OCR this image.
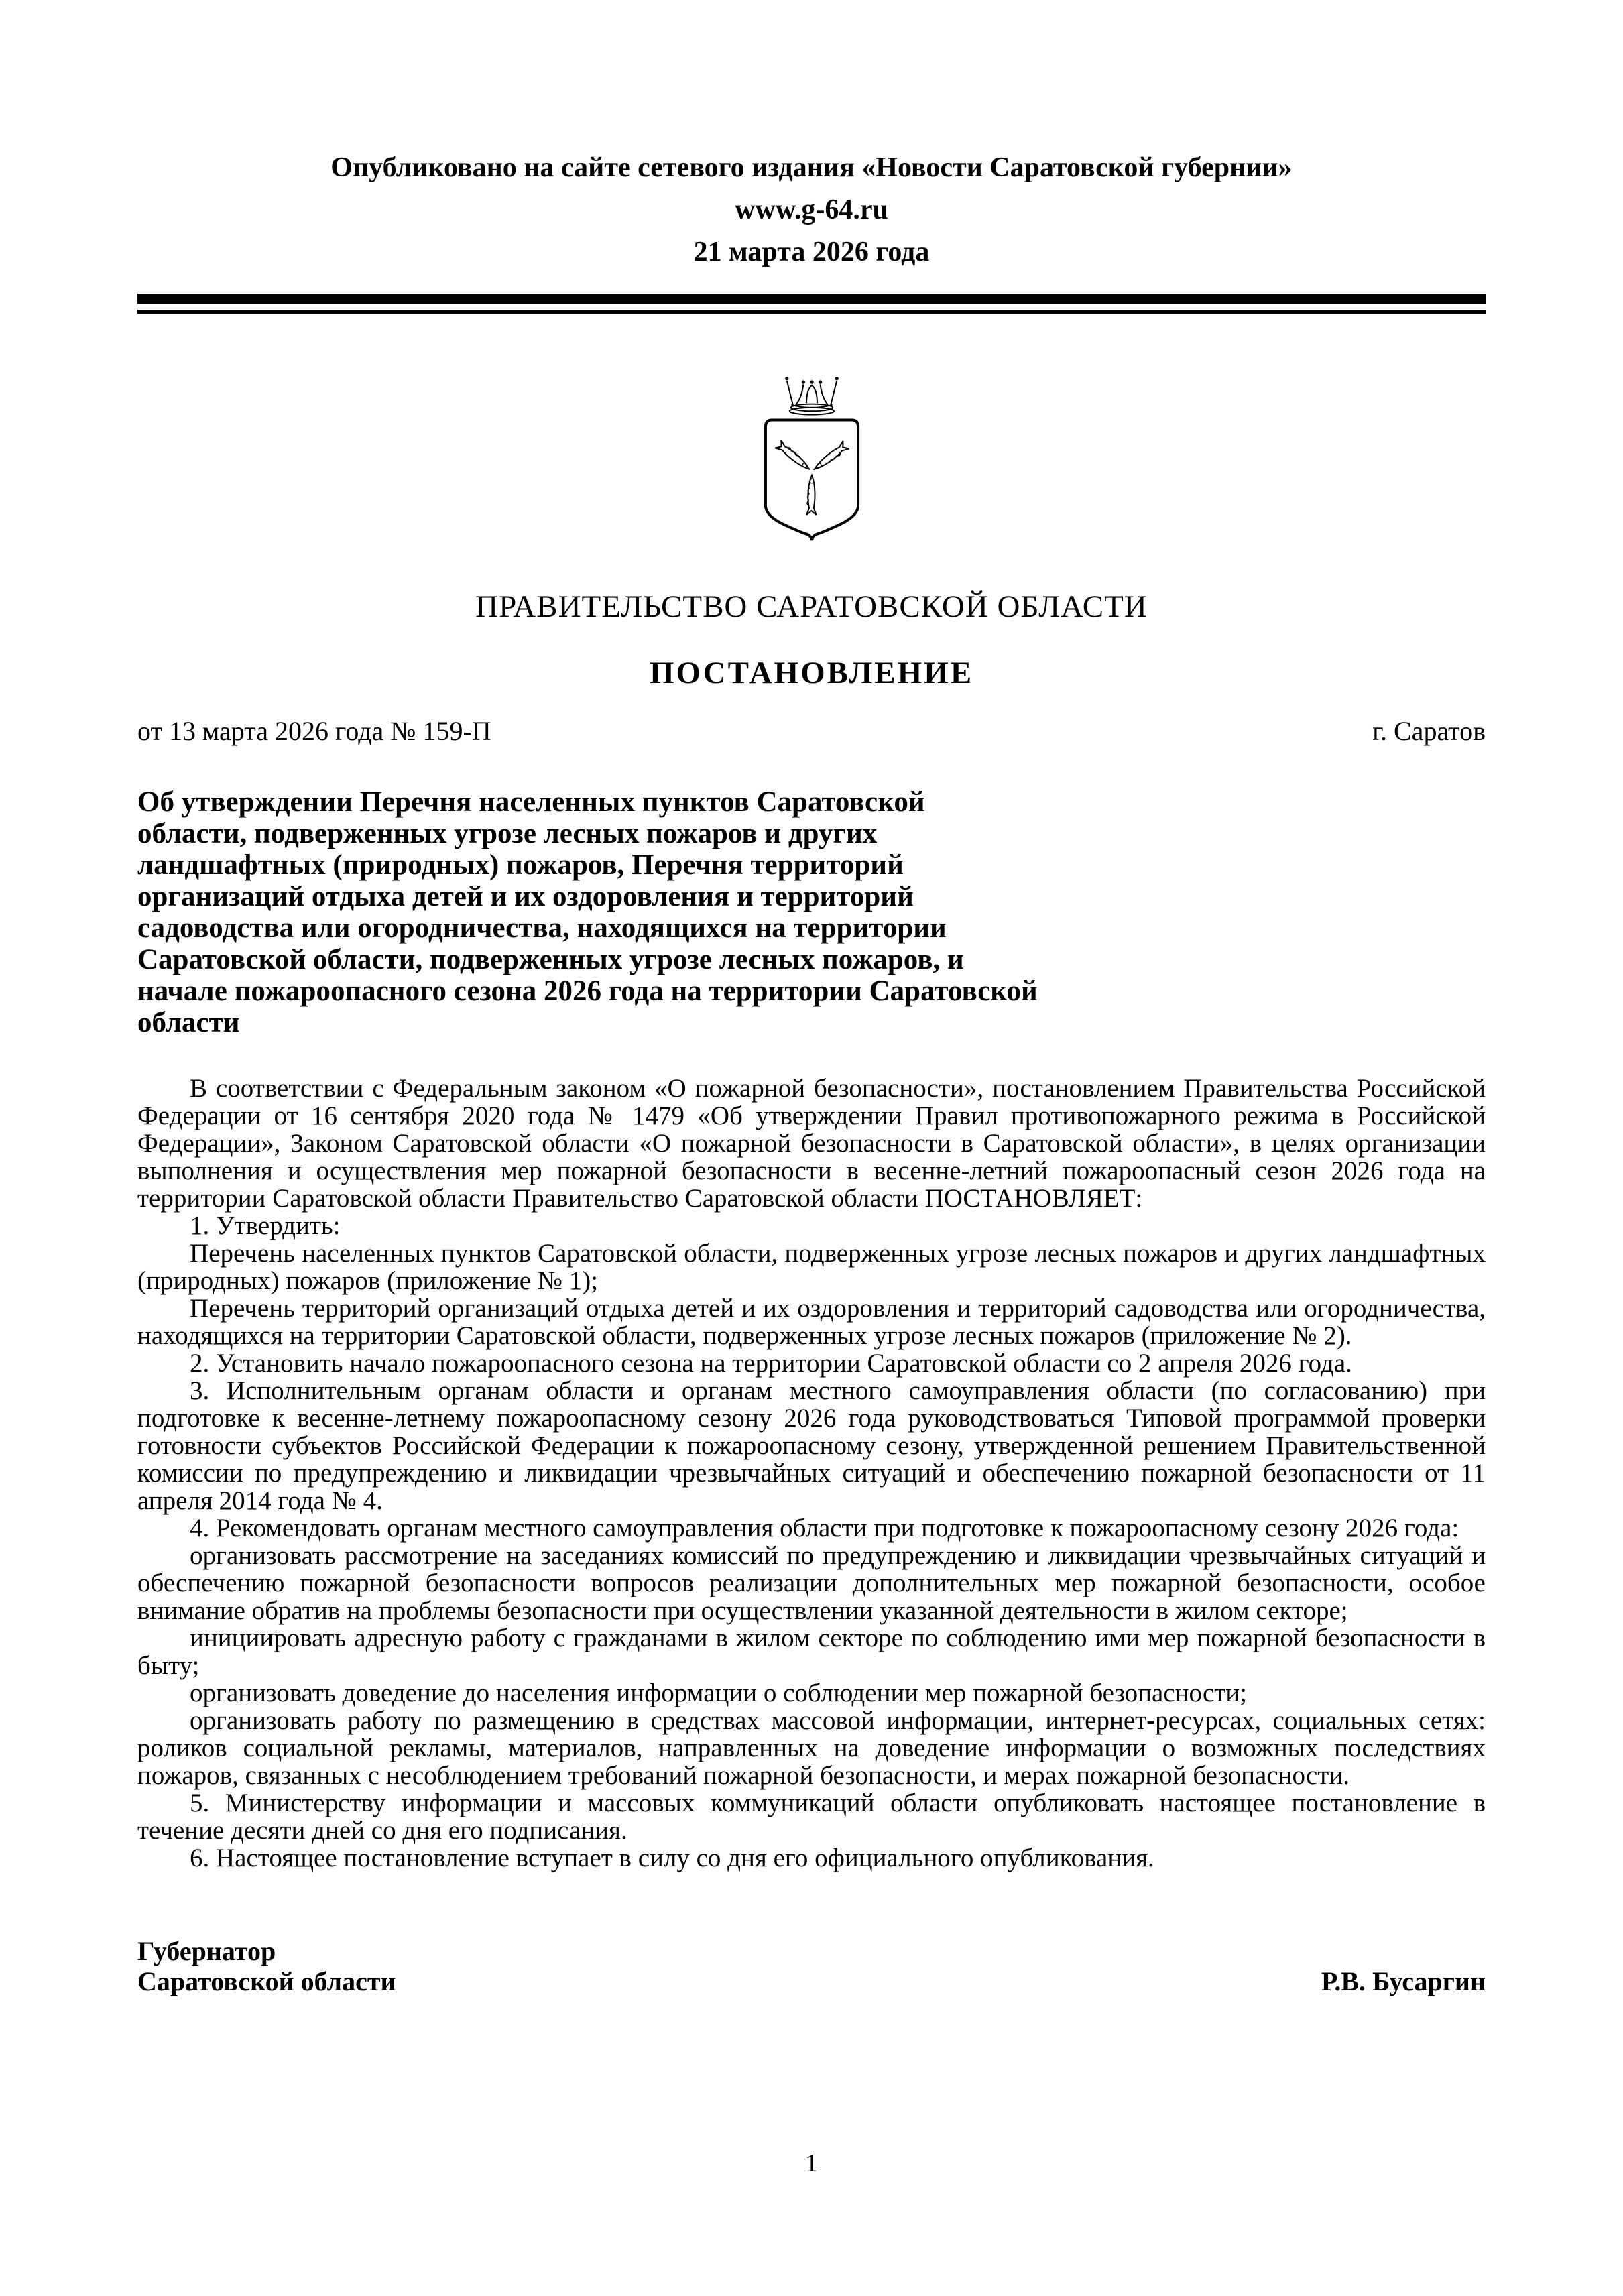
Опубликовано на сайте сетевого издания «Новости Саратовской губернии»
www.g-64.ru
21 марта 2026 года
ПРАВИТЕЛЬСТВО САРАТОВСКОЙ ОБЛАСТИ
ПОСТАНОВЛЕНИЕ
от 13 марта 2026 года № 159-П	г. Саратов
Об утверждении Перечня населенных пунктов Саратовской области, подверженных угрозе лесных пожаров и других ландшафтных (природных) пожаров, Перечня территорий организаций отдыха детей и их оздоровления и территорий садоводства или огородничества, находящихся на территории Саратовской области, подверженных угрозе лесных пожаров, и начале пожароопасного сезона 2026 года на территории Саратовской области

В соответствии с Федеральным законом «О пожарной безопасности», постановлением Правительства Российской Федерации от 16 сентября 2020 года № 1479 «Об утверждении Правил противопожарного режима в Российской Федерации», Законом Саратовской области «О пожарной безопасности в Саратовской области», в целях организации выполнения и осуществления мер пожарной безопасности в весенне-летний пожароопасный сезон 2026 года на территории Саратовской области Правительство Саратовской области ПОСТАНОВЛЯЕТ:

1. Утвердить:

Перечень населенных пунктов Саратовской области, подверженных угрозе лесных пожаров и других ландшафтных (природных) пожаров (приложение № 1);

Перечень территорий организаций отдыха детей и их оздоровления и территорий садоводства или огородничества, находящихся на территории Саратовской области, подверженных угрозе лесных пожаров (приложение № 2).

2. Установить начало пожароопасного сезона на территории Саратовской области со 2 апреля 2026 года.

3. Исполнительным органам области и органам местного самоуправления области (по согласованию) при подготовке к весенне-летнему пожароопасному сезону 2026 года руководствоваться Типовой программой проверки готовности субъектов Российской Федерации к пожароопасному сезону, утвержденной решением Правительственной комиссии по предупреждению и ликвидации чрезвычайных ситуаций и обеспечению пожарной безопасности от 11 апреля 2014 года № 4.

4. Рекомендовать органам местного самоуправления области при подготовке к пожароопасному сезону 2026 года:

организовать рассмотрение на заседаниях комиссий по предупреждению и ликвидации чрезвычайных ситуаций и обеспечению пожарной безопасности вопросов реализации дополнительных мер пожарной безопасности, особое внимание обратив на проблемы безопасности при осуществлении указанной деятельности в жилом секторе;

инициировать адресную работу с гражданами в жилом секторе по соблюдению ими мер пожарной безопасности в быту;

организовать доведение до населения информации о соблюдении мер пожарной безопасности;

организовать работу по размещению в средствах массовой информации, интернет-ресурсах, социальных сетях: роликов социальной рекламы, материалов, направленных на доведение информации о возможных последствиях пожаров, связанных с несоблюдением требований пожарной безопасности, и мерах пожарной безопасности.

5. Министерству информации и массовых коммуникаций области опубликовать настоящее постановление в течение десяти дней со дня его подписания.

6. Настоящее постановление вступает в силу со дня его официального опубликования.

Губернатор
Саратовской области	Р.В. Бусаргин
1
